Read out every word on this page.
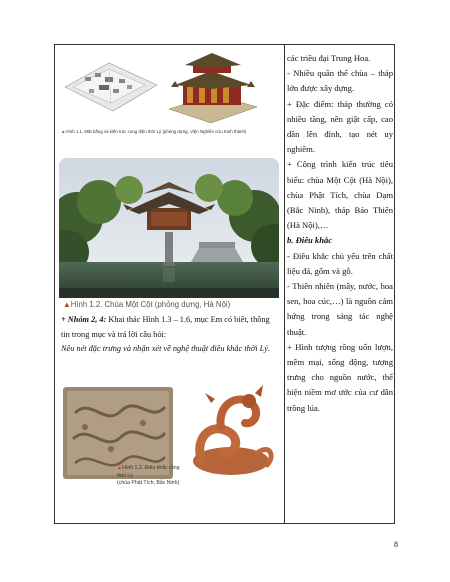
▲Hình 1.1. Mặt bằng và kiến trúc cung điện thời Lý (phỏng dựng, Viện Nghiên cứu Kinh thành)
▲Hình 1.2. Chùa Một Cột (phỏng dựng, Hà Nội)

+ Nhóm 2, 4: Khai thác Hình 1.3 – 1.6, mục Em có biết, thông tin trong mục và trả lời câu hỏi:

Nêu nét đặc trưng và nhận xét về nghệ thuật điêu khắc thời Lý.

▲Hình 1.3. Điêu khắc rồng thời Lý
(chùa Phật Tích, Bắc Ninh)

các triều đại Trung Hoa.

- Nhiều quần thể chùa – tháp lớn được xây dựng.

+ Đặc điểm: tháp thường có nhiều tầng, nền giật cấp, cao dần lên đỉnh, tạo nét uy nghiêm.

+ Công trình kiến trúc tiêu biểu: chùa Một Cột (Hà Nội), chùa Phật Tích, chùa Dạm (Bắc Ninh), tháp Báo Thiên (Hà Nội),…

b. Điêu khắc

- Điêu khắc chủ yếu trên chất liệu đá, gốm và gỗ.

- Thiên nhiên (mây, nước, hoa sen, hoa cúc,…) là nguồn cảm hứng trong sáng tác nghệ thuật.

+ Hình tượng rồng uốn lượn, mềm mại, sống động, tượng trưng cho nguồn nước, thể hiện niềm mơ ước của cư dân trồng lúa.

8
